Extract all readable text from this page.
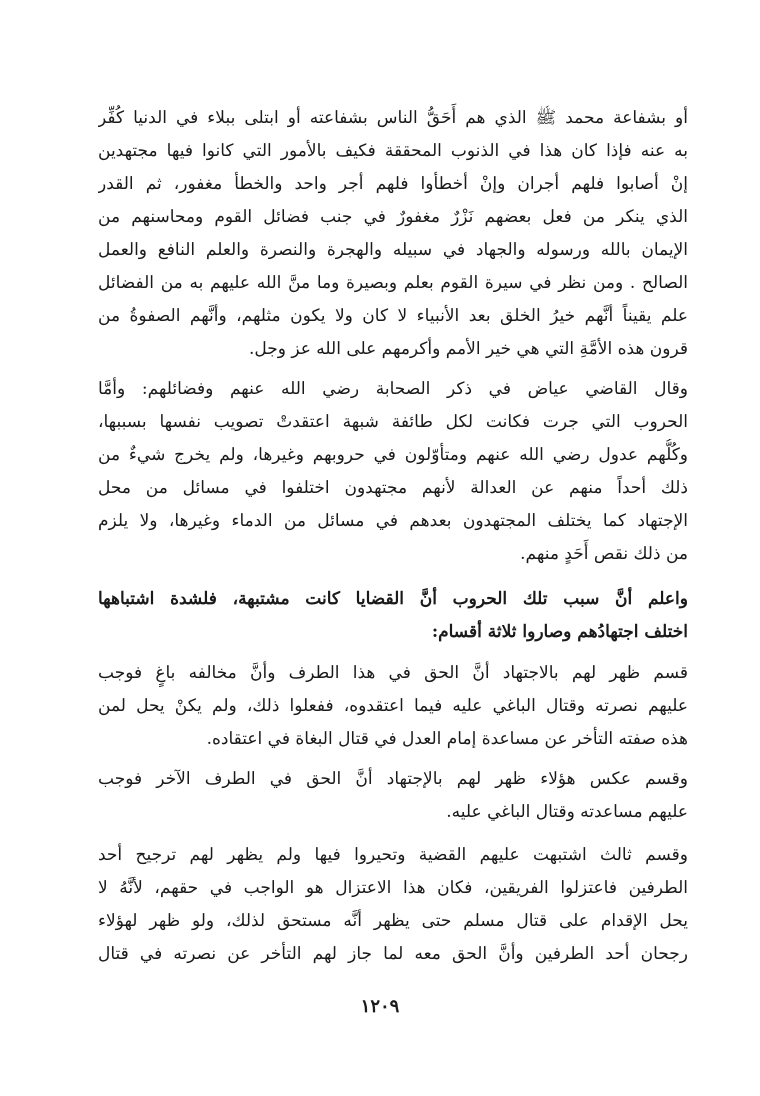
أو بشفاعة محمد ﷺ الذي هم أَحَقُّ الناس بشفاعته أو ابتلى ببلاء في الدنيا كُفِّر
به عنه فإذا كان هذا في الذنوب المحققة فكيف بالأمور التي كانوا فيها مجتهدين
إنْ أصابوا فلهم أجران وإنْ أخطأوا فلهم أجر واحد والخطأ مغفور، ثم القدر
الذي ينكر من فعل بعضهم نَزْرٌ مغفورٌ في جنب فضائل القوم ومحاسنهم من
الإيمان بالله ورسوله والجهاد في سبيله والهجرة والنصرة والعلم النافع والعمل
الصالح . ومن نظر في سيرة القوم بعلم وبصيرة وما منَّ الله عليهم به من الفضائل
علم يقيناً أنَّهم خيرُ الخلق بعد الأنبياء لا كان ولا يكون مثلهم، وأنَّهم الصفوةُ من
قرون هذه الأمَّةِ التي هي خير الأمم وأكرمهم على الله عز وجل.
وقال القاضي عياض في ذكر الصحابة رضي الله عنهم وفضائلهم: وأمَّا
الحروب التي جرت فكانت لكل طائفة شبهة اعتقدتْ تصويب نفسها بسببها،
وكُلُّهم عدول رضي الله عنهم ومتأوّلون في حروبهم وغيرها، ولم يخرج شيءٌ من
ذلك أحداً منهم عن العدالة لأنهم مجتهدون اختلفوا في مسائل من محل
الإجتهاد كما يختلف المجتهدون بعدهم في مسائل من الدماء وغيرها، ولا يلزم
من ذلك نقص أَحَدٍ منهم.
واعلم أنَّ سبب تلك الحروب أنَّ القضايا كانت مشتبهة، فلشدة اشتباهها
اختلف اجتهادُهم وصاروا ثلاثة أقسام:
قسم ظهر لهم بالاجتهاد أنَّ الحق في هذا الطرف وأنَّ مخالفه باغٍ فوجب
عليهم نصرته وقتال الباغي عليه فيما اعتقدوه، ففعلوا ذلك، ولم يكنْ يحل لمن
هذه صفته التأخر عن مساعدة إمام العدل في قتال البغاة في اعتقاده.
وقسم عكس هؤلاء ظهر لهم بالإجتهاد أنَّ الحق في الطرف الآخر فوجب
عليهم مساعدته وقتال الباغي عليه.
وقسم ثالث اشتبهت عليهم القضية وتحيروا فيها ولم يظهر لهم ترجيح أحد
الطرفين فاعتزلوا الفريقين، فكان هذا الاعتزال هو الواجب في حقهم، لأنَّهُ لا
يحل الإقدام على قتال مسلم حتى يظهر أنَّه مستحق لذلك، ولو ظهر لهؤلاء
رجحان أحد الطرفين وأنَّ الحق معه لما جاز لهم التأخر عن نصرته في قتال
١٢٠٩
